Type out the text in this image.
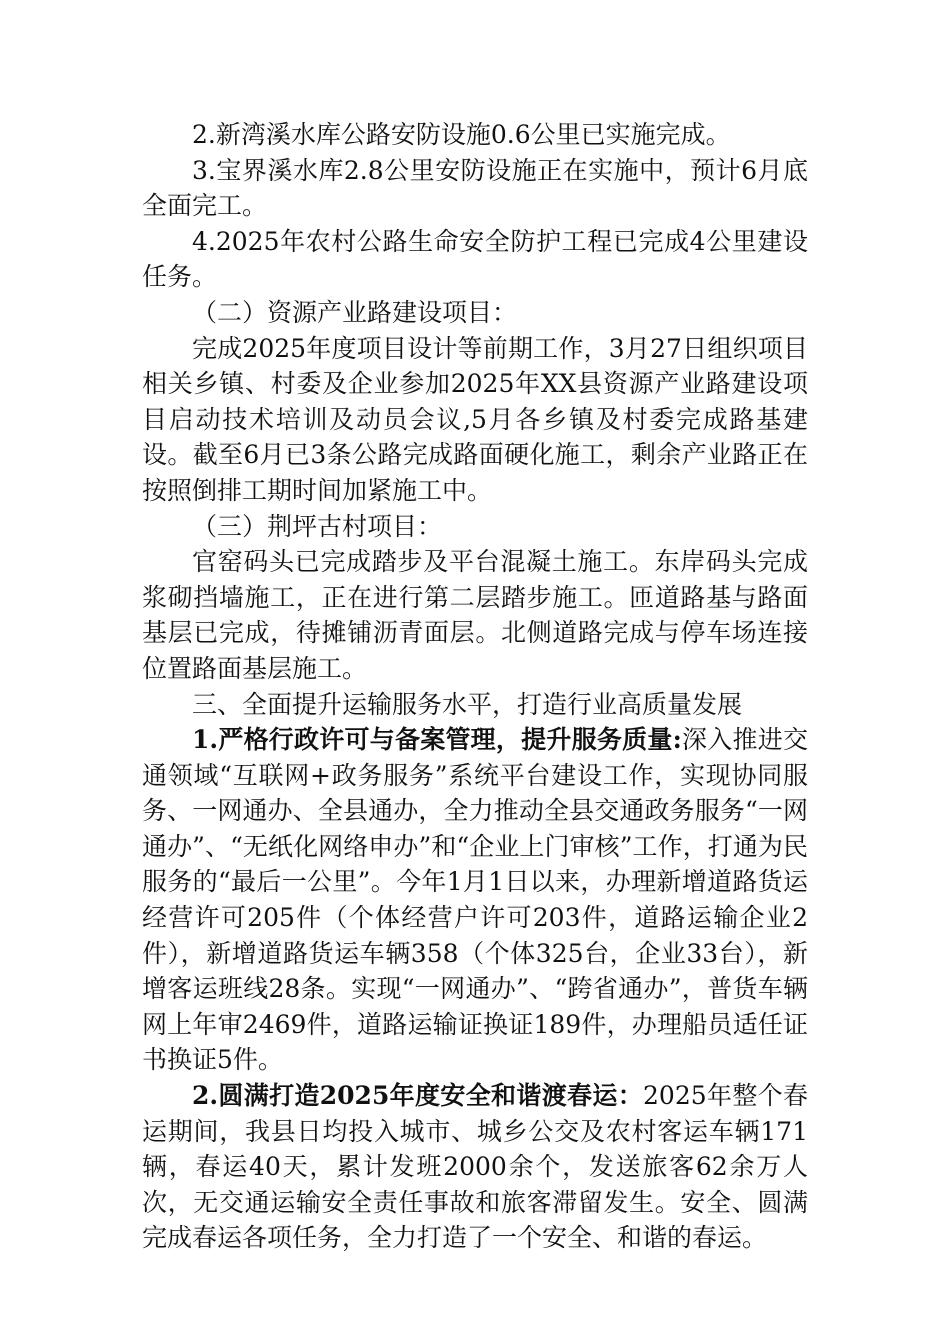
2.新湾溪水库公路安防设施0.6公里已实施完成。

3.宝界溪水库2.8公里安防设施正在实施中，预计6月底全面完工。

4.2025年农村公路生命安全防护工程已完成4公里建设任务。

（二）资源产业路建设项目：

完成2025年度项目设计等前期工作，3月27日组织项目相关乡镇、村委及企业参加2025年XX县资源产业路建设项目启动技术培训及动员会议,5月各乡镇及村委完成路基建设。截至6月已3条公路完成路面硬化施工，剩余产业路正在按照倒排工期时间加紧施工中。

（三）荆坪古村项目：

官窑码头已完成踏步及平台混凝土施工。东岸码头完成浆砌挡墙施工，正在进行第二层踏步施工。匝道路基与路面基层已完成，待摊铺沥青面层。北侧道路完成与停车场连接位置路面基层施工。

三、全面提升运输服务水平，打造行业高质量发展

1.严格行政许可与备案管理，提升服务质量:深入推进交通领域“互联网+政务服务”系统平台建设工作，实现协同服务、一网通办、全县通办，全力推动全县交通政务服务“一网通办”、“无纸化网络申办”和“企业上门审核”工作，打通为民服务的“最后一公里”。今年1月1日以来，办理新增道路货运经营许可205件（个体经营户许可203件，道路运输企业2件），新增道路货运车辆358（个体325台，企业33台），新增客运班线28条。实现“一网通办”、“跨省通办”，普货车辆网上年审2469件，道路运输证换证189件，办理船员适任证书换证5件。

2.圆满打造2025年度安全和谐渡春运：2025年整个春运期间，我县日均投入城市、城乡公交及农村客运车辆171辆，春运40天，累计发班2000余个，发送旅客62余万人次，无交通运输安全责任事故和旅客滞留发生。安全、圆满完成春运各项任务，全力打造了一个安全、和谐的春运。
